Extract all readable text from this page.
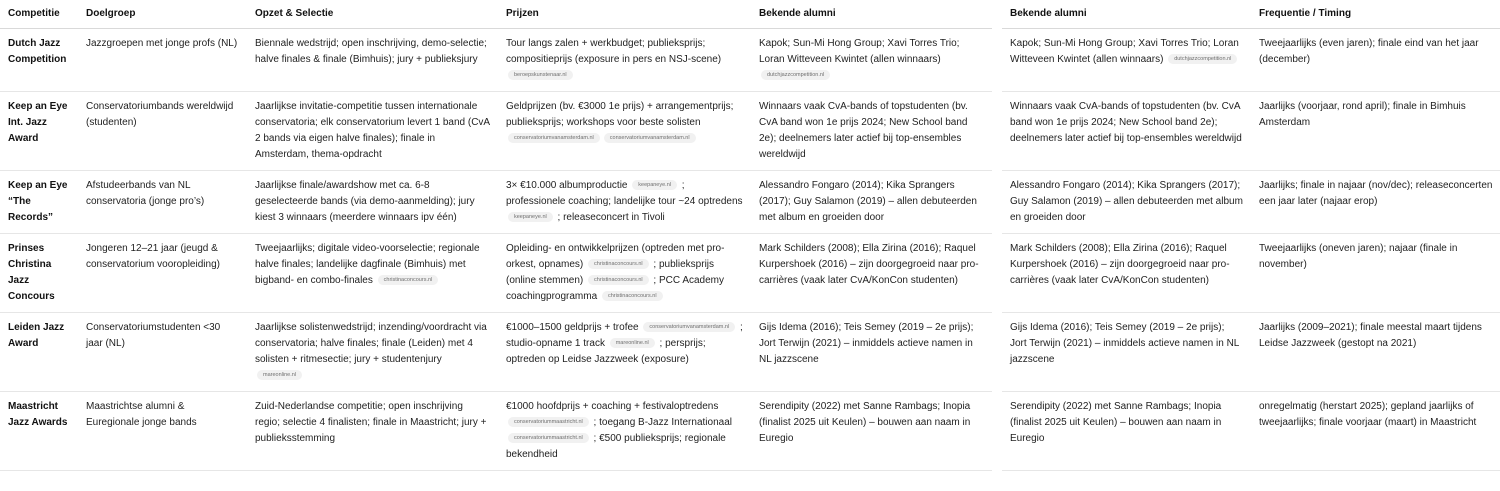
Competitie	Doelgroep	Opzet & Selectie	Prijzen	Bekende alumni	Bekende alumni	Frequentie / Timing
Dutch Jazz Competition	Jazzgroepen met jonge profs (NL)	Biennale wedstrijd; open inschrijving, demo-selectie; halve finales & finale (Bimhuis); jury + publieksjury	Tour langs zalen + werkbudget; publieksprijs; compositieprijs (exposure in pers en NSJ-scene) beroepskunstenaar.nl	Kapok; Sun-Mi Hong Group; Xavi Torres Trio; Loran Witteveen Kwintet (allen winnaars) dutchjazzcompetition.nl	Kapok; Sun-Mi Hong Group; Xavi Torres Trio; Loran Witteveen Kwintet (allen winnaars) dutchjazzcompetition.nl	Tweejaarlijks (even jaren); finale eind van het jaar (december)
Keep an Eye Int. Jazz Award	Conservatoriumbands wereldwijd (studenten)	Jaarlijkse invitatie-competitie tussen internationale conservatoria; elk conservatorium levert 1 band (CvA 2 bands via eigen halve finales); finale in Amsterdam, thema-opdracht	Geldprijzen (bv. €3000 1e prijs) + arrangementprijs; publieksprijs; workshops voor beste solisten conservatoriumvanamsterdam.nl conservatoriumvanamsterdam.nl	Winnaars vaak CvA-bands of topstudenten (bv. CvA band won 1e prijs 2024; New School band 2e); deelnemers later actief bij top-ensembles wereldwijd	Winnaars vaak CvA-bands of topstudenten (bv. CvA band won 1e prijs 2024; New School band 2e); deelnemers later actief bij top-ensembles wereldwijd	Jaarlijks (voorjaar, rond april); finale in Bimhuis Amsterdam
Keep an Eye “The Records”	Afstudeerbands van NL conservatoria (jonge pro’s)	Jaarlijkse finale/awardshow met ca. 6-8 geselecteerde bands (via demo-aanmelding); jury kiest 3 winnaars (meerdere winnaars ipv één)	3× €10.000 albumproductie keepaneye.nl ; professionele coaching; landelijke tour ~24 optredens keepaneye.nl ; releaseconcert in Tivoli	Alessandro Fongaro (2014); Kika Sprangers (2017); Guy Salamon (2019) – allen debuteerden met album en groeiden door	Alessandro Fongaro (2014); Kika Sprangers (2017); Guy Salamon (2019) – allen debuteerden met album en groeiden door	Jaarlijks; finale in najaar (nov/dec); releaseconcerten een jaar later (najaar erop)
Prinses Christina Jazz Concours	Jongeren 12–21 jaar (jeugd & conservatorium vooropleiding)	Tweejaarlijks; digitale video-voorselectie; regionale halve finales; landelijke dagfinale (Bimhuis) met bigband- en combo-finales christinaconcours.nl	Opleiding- en ontwikkelprijzen (optreden met pro-orkest, opnames) christinaconcours.nl ; publieksprijs (online stemmen) christinaconcours.nl ; PCC Academy coachingprogramma christinaconcours.nl	Mark Schilders (2008); Ella Zirina (2016); Raquel Kurpershoek (2016) – zijn doorgegroeid naar pro-carrières (vaak later CvA/KonCon studenten)	Mark Schilders (2008); Ella Zirina (2016); Raquel Kurpershoek (2016) – zijn doorgegroeid naar pro-carrières (vaak later CvA/KonCon studenten)	Tweejaarlijks (oneven jaren); najaar (finale in november)
Leiden Jazz Award	Conservatoriumstudenten <30 jaar (NL)	Jaarlijkse solistenwedstrijd; inzending/voordracht via conservatoria; halve finales; finale (Leiden) met 4 solisten + ritmesectie; jury + studentenjury mareonline.nl	€1000–1500 geldprijs + trofee conservatoriumvanamsterdam.nl ; studio-opname 1 track mareonline.nl ; persprijs; optreden op Leidse Jazzweek (exposure)	Gijs Idema (2016); Teis Semey (2019 – 2e prijs); Jort Terwijn (2021) – inmiddels actieve namen in NL jazzscene	Gijs Idema (2016); Teis Semey (2019 – 2e prijs); Jort Terwijn (2021) – inmiddels actieve namen in NL jazzscene	Jaarlijks (2009–2021); finale meestal maart tijdens Leidse Jazzweek (gestopt na 2021)
Maastricht Jazz Awards	Maastrichtse alumni & Euregionale jonge bands	Zuid-Nederlandse competitie; open inschrijving regio; selectie 4 finalisten; finale in Maastricht; jury + publieksstemming	€1000 hoofdprijs + coaching + festivaloptredens conservatoriummaastricht.nl ; toegang B-Jazz Internationaal conservatoriummaastricht.nl ; €500 publieksprijs; regionale bekendheid	Serendipity (2022) met Sanne Rambags; Inopia (finalist 2025 uit Keulen) – bouwen aan naam in Euregio	Serendipity (2022) met Sanne Rambags; Inopia (finalist 2025 uit Keulen) – bouwen aan naam in Euregio	onregelmatig (herstart 2025); gepland jaarlijks of tweejaarlijks; finale voorjaar (maart) in Maastricht
